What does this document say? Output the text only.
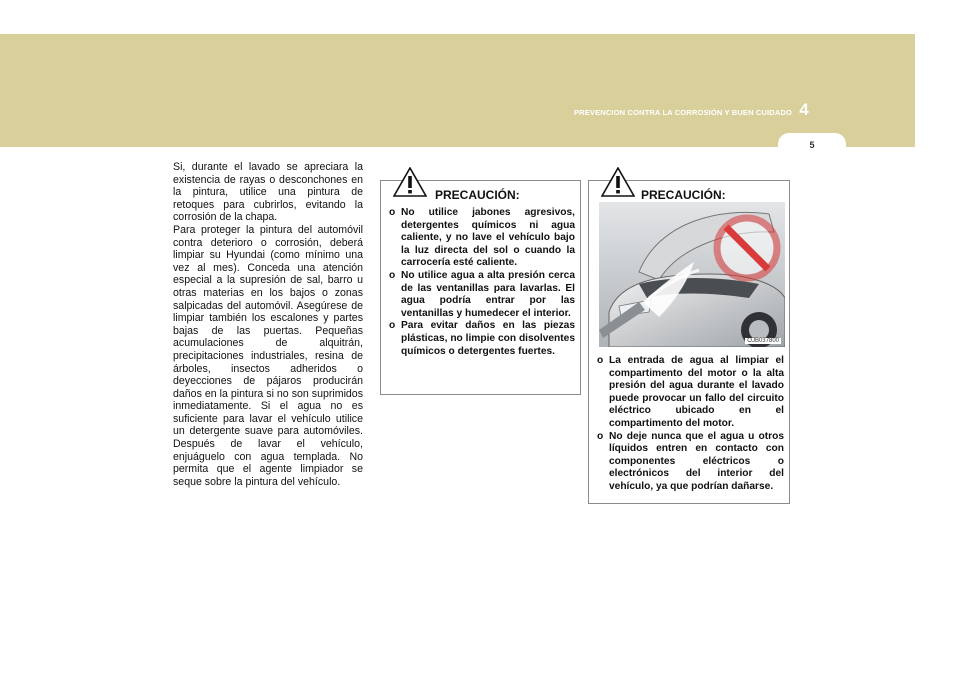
PREVENCION CONTRA LA CORROSIÓN Y BUEN CUIDADO 4
5

Si, durante el lavado se apreciara la existencia de rayas o desconchones en la pintura, utilice una pintura de retoques para cubrirlos, evitando la corrosión de la chapa.

Para proteger la pintura del automóvil contra deterioro o corrosión, deberá limpiar su Hyundai (como mínimo una vez al mes). Conceda una atención especial a la supresión de sal, barro u otras materias en los bajos o zonas salpicadas del automóvil. Asegúrese de limpiar también los escalones y partes bajas de las puertas. Pequeñas acumulaciones de alquitrán, precipitaciones industriales, resina de árboles, insectos adheridos o deyecciones de pájaros producirán daños en la pintura si no son suprimidos inmediatamente. Si el agua no es suficiente para lavar el vehículo utilice un detergente suave para automóviles. Después de lavar el vehículo, enjuáguelo con agua templada. No permita que el agente limpiador se seque sobre la pintura del vehículo.

PRECAUCIÓN:
o No utilice jabones agresivos, detergentes químicos ni agua caliente, y no lave el vehículo bajo la luz directa del sol o cuando la carrocería esté caliente.
o No utilice agua a alta presión cerca de las ventanillas para lavarlas. El agua podría entrar por las ventanillas y humedecer el interior.
o Para evitar daños en las piezas plásticas, no limpie con disolventes químicos o detergentes fuertes.
PRECAUCIÓN:
OJB037800
o La entrada de agua al limpiar el compartimento del motor o la alta presión del agua durante el lavado puede provocar un fallo del circuito eléctrico ubicado en el compartimento del motor.
o No deje nunca que el agua u otros líquidos entren en contacto con componentes eléctricos o electrónicos del interior del vehículo, ya que podrían dañarse.
